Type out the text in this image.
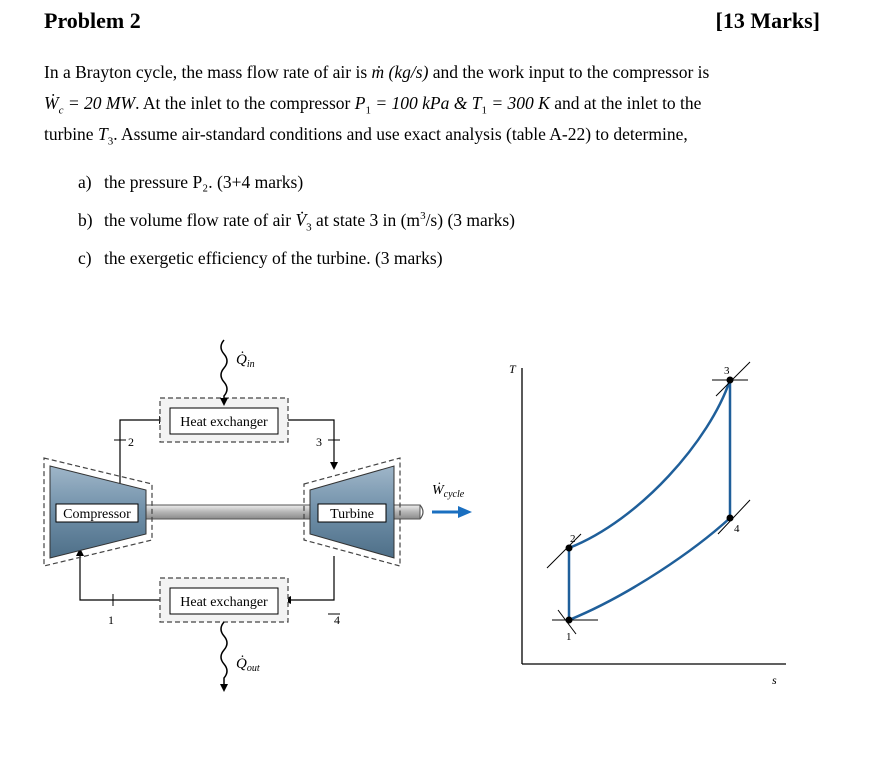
Problem 2	[13 Marks]
In a Brayton cycle, the mass flow rate of air is ṁ (kg/s) and the work input to the compressor is
Ẇ$_c$ = 20 MW. At the inlet to the compressor $P_1 = 100$ kPa & $T_1 = 300$ K and at the inlet to the
turbine $T_3$. Assume air-standard conditions and use exact analysis (table A-22) to determine,
a) the pressure P₂. (3+4 marks)
b) the volume flow rate of air $V̇_3$ at state 3 in $(m^3/s)$ (3 marks)
c) the exergetic efficiency of the turbine. (3 marks)
2	3
4
1
Heat exchanger
$Q̇_{in}$
Heat exchanger
$Q̇_{out}$
Compressor	Turbine
Ẇ$_{cycle}$
T
s
1
2
3
4
